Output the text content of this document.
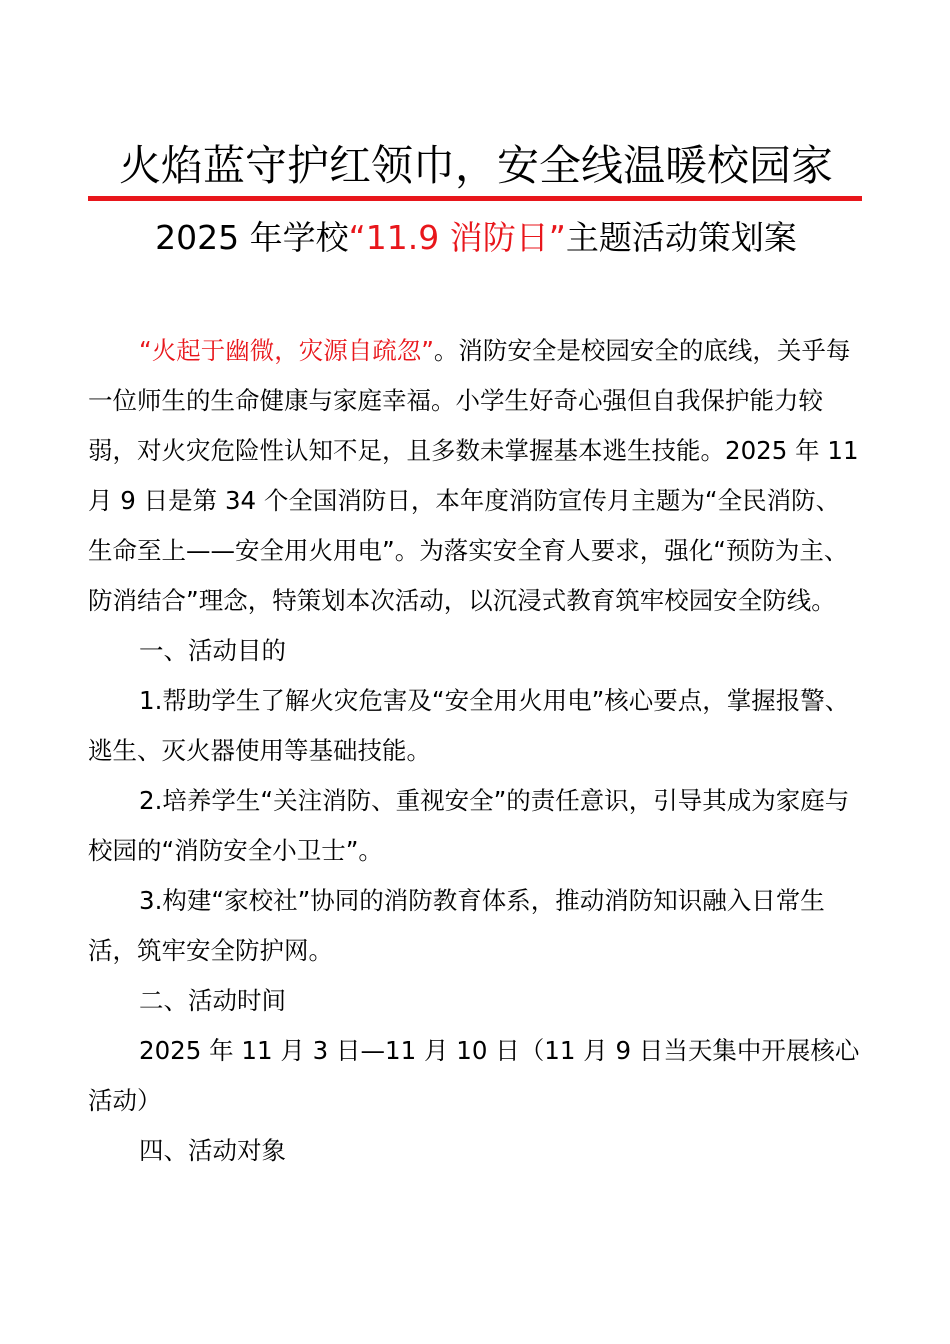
火焰蓝守护红领巾，安全线温暖校园家
2025 年学校“11.9 消防日”主题活动策划案

“火起于幽微，灾源自疏忽”。消防安全是校园安全的底线，关乎每一位师生的生命健康与家庭幸福。小学生好奇心强但自我保护能力较弱，对火灾危险性认知不足，且多数未掌握基本逃生技能。2025 年 11 月 9 日是第 34 个全国消防日，本年度消防宣传月主题为“全民消防、生命至上——安全用火用电”。为落实安全育人要求，强化“预防为主、防消结合”理念，特策划本次活动，以沉浸式教育筑牢校园安全防线。

一、活动目的

1.帮助学生了解火灾危害及“安全用火用电”核心要点，掌握报警、逃生、灭火器使用等基础技能。

2.培养学生“关注消防、重视安全”的责任意识，引导其成为家庭与校园的“消防安全小卫士”。

3.构建“家校社”协同的消防教育体系，推动消防知识融入日常生活，筑牢安全防护网。

二、活动时间

2025 年 11 月 3 日—11 月 10 日（11 月 9 日当天集中开展核心活动）

四、活动对象
